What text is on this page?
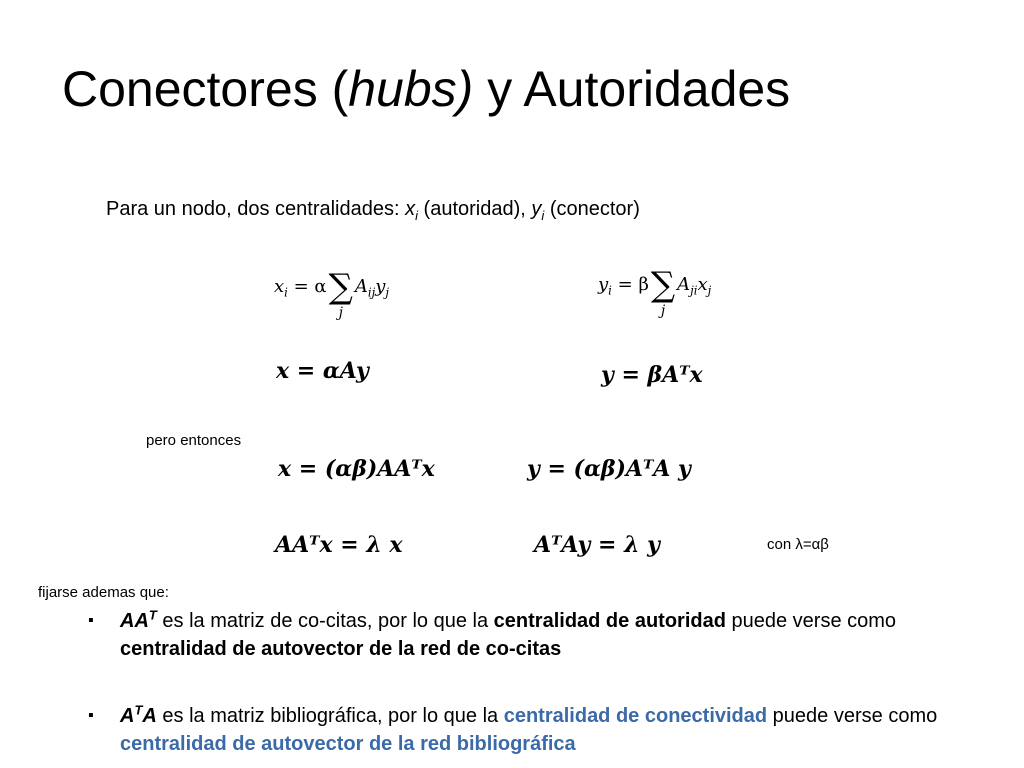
Conectores (hubs) y Autoridades
Para un nodo, dos centralidades: $x_i$ (autoridad), $y_i$ (conector)
$x_i = \alpha\sum$
j
$A_{ij}y_j$	$y_i = \beta\sum$
j
$A_{ji}x_j$
x = αAy	y = βAᵀx
pero entonces
x = (αβ)AAᵀx	y = (αβ)AᵀA y
AAᵀx = λ x	AᵀAy = λ y	con λ=αβ
fijarse ademas que:
▪ $AA^T$ es la matriz de co-citas, por lo que la centralidad de autoridad puede verse como centralidad de autovector de la red de co-citas
▪ $A^TA$ es la matriz bibliográfica, por lo que la centralidad de conectividad puede verse como centralidad de autovector de la red bibliográfica
